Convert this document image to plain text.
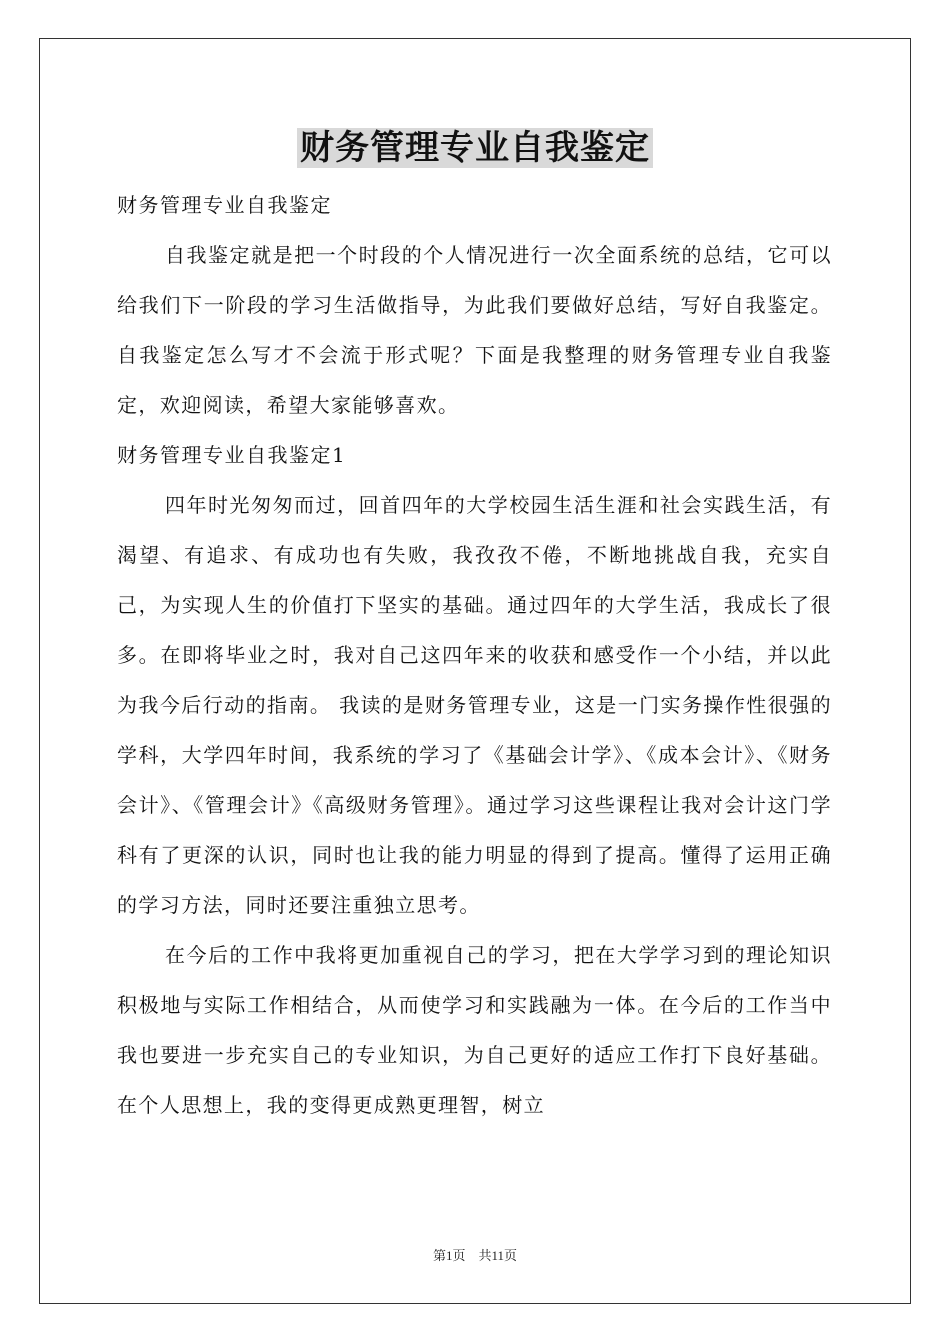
财务管理专业自我鉴定

财务管理专业自我鉴定

自我鉴定就是把一个时段的个人情况进行一次全面系统的总结，它可以给我们下一阶段的学习生活做指导，为此我们要做好总结，写好自我鉴定。自我鉴定怎么写才不会流于形式呢？下面是我整理的财务管理专业自我鉴定，欢迎阅读，希望大家能够喜欢。

财务管理专业自我鉴定1

四年时光匆匆而过，回首四年的大学校园生活生涯和社会实践生活，有渴望、有追求、有成功也有失败，我孜孜不倦，不断地挑战自我，充实自己，为实现人生的价值打下坚实的基础。通过四年的大学生活，我成长了很多。在即将毕业之时，我对自己这四年来的收获和感受作一个小结，并以此为我今后行动的指南。 我读的是财务管理专业，这是一门实务操作性很强的学科，大学四年时间，我系统的学习了《基础会计学》、《成本会计》、《财务会计》、《管理会计》《高级财务管理》。通过学习这些课程让我对会计这门学科有了更深的认识，同时也让我的能力明显的得到了提高。懂得了运用正确的学习方法，同时还要注重独立思考。

在今后的工作中我将更加重视自己的学习，把在大学学习到的理论知识积极地与实际工作相结合，从而使学习和实践融为一体。在今后的工作当中我也要进一步充实自己的专业知识，为自己更好的适应工作打下良好基础。 在个人思想上，我的变得更成熟更理智，树立

第1页　共11页
